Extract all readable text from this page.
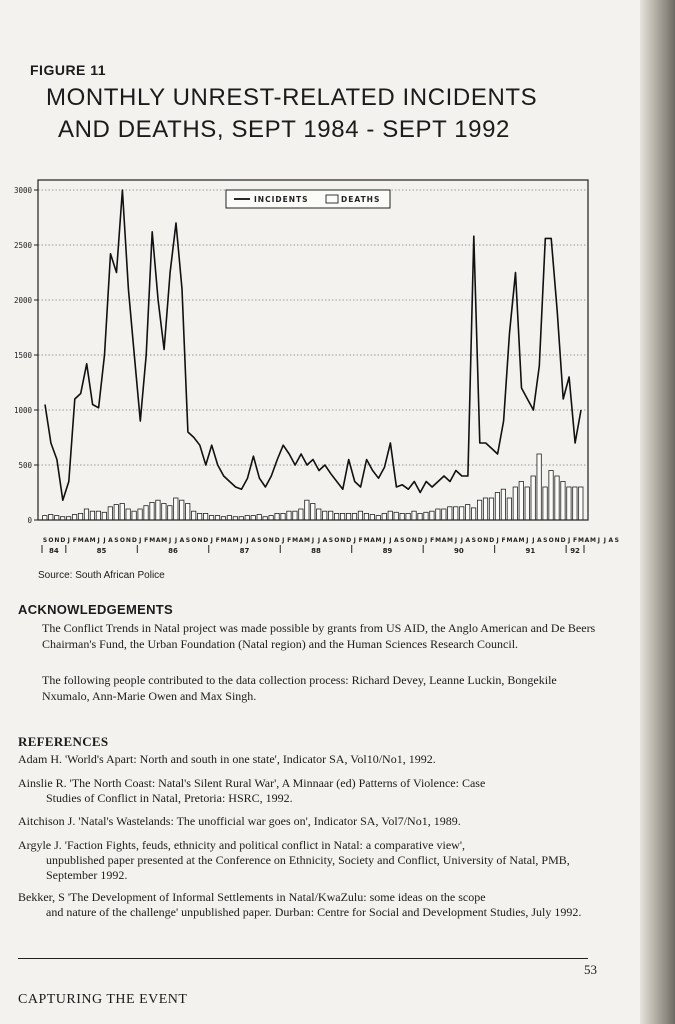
FIGURE 11
MONTHLY UNREST-RELATED INCIDENTS
AND DEATHS, SEPT 1984 - SEPT 1992
0
500
1000
1500
2000
2500
3000
S O N D J F M A M J J A S O N D J F M A M J J A S O N D J F M A M J J A S O N D J F M A M J J A S O N D J F M A M J J A S O N D J F M A M J J A S O N D J F M A M J J A S O N D J F M A M J J A S
84	85	86	87	88	89	90	91	92
INCIDENTS	DEATHS
Source: South African Police
ACKNOWLEDGEMENTS
The Conflict Trends in Natal project was made possible by grants from US AID, the Anglo American and De Beers Chairman's Fund, the Urban Foundation (Natal region) and the Human Sciences Research Council.
The following people contributed to the data collection process: Richard Devey, Leanne Luckin, Bongekile Nxumalo, Ann-Marie Owen and Max Singh.
REFERENCES
Adam H. 'World's Apart: North and south in one state', Indicator SA, Vol10/No1, 1992.
Ainslie R. 'The North Coast: Natal's Silent Rural War', A Minnaar (ed) Patterns of Violence: Case
Studies of Conflict in Natal, Pretoria: HSRC, 1992.
Aitchison J. 'Natal's Wastelands: The unofficial war goes on', Indicator SA, Vol7/No1, 1989.
Argyle J. 'Faction Fights, feuds, ethnicity and political conflict in Natal: a comparative view',
unpublished paper presented at the Conference on Ethnicity, Society and Conflict, University of Natal, PMB, September 1992.
Bekker, S 'The Development of Informal Settlements in Natal/KwaZulu: some ideas on the scope
and nature of the challenge' unpublished paper. Durban: Centre for Social and Development Studies, July 1992.
53
CAPTURING THE EVENT
